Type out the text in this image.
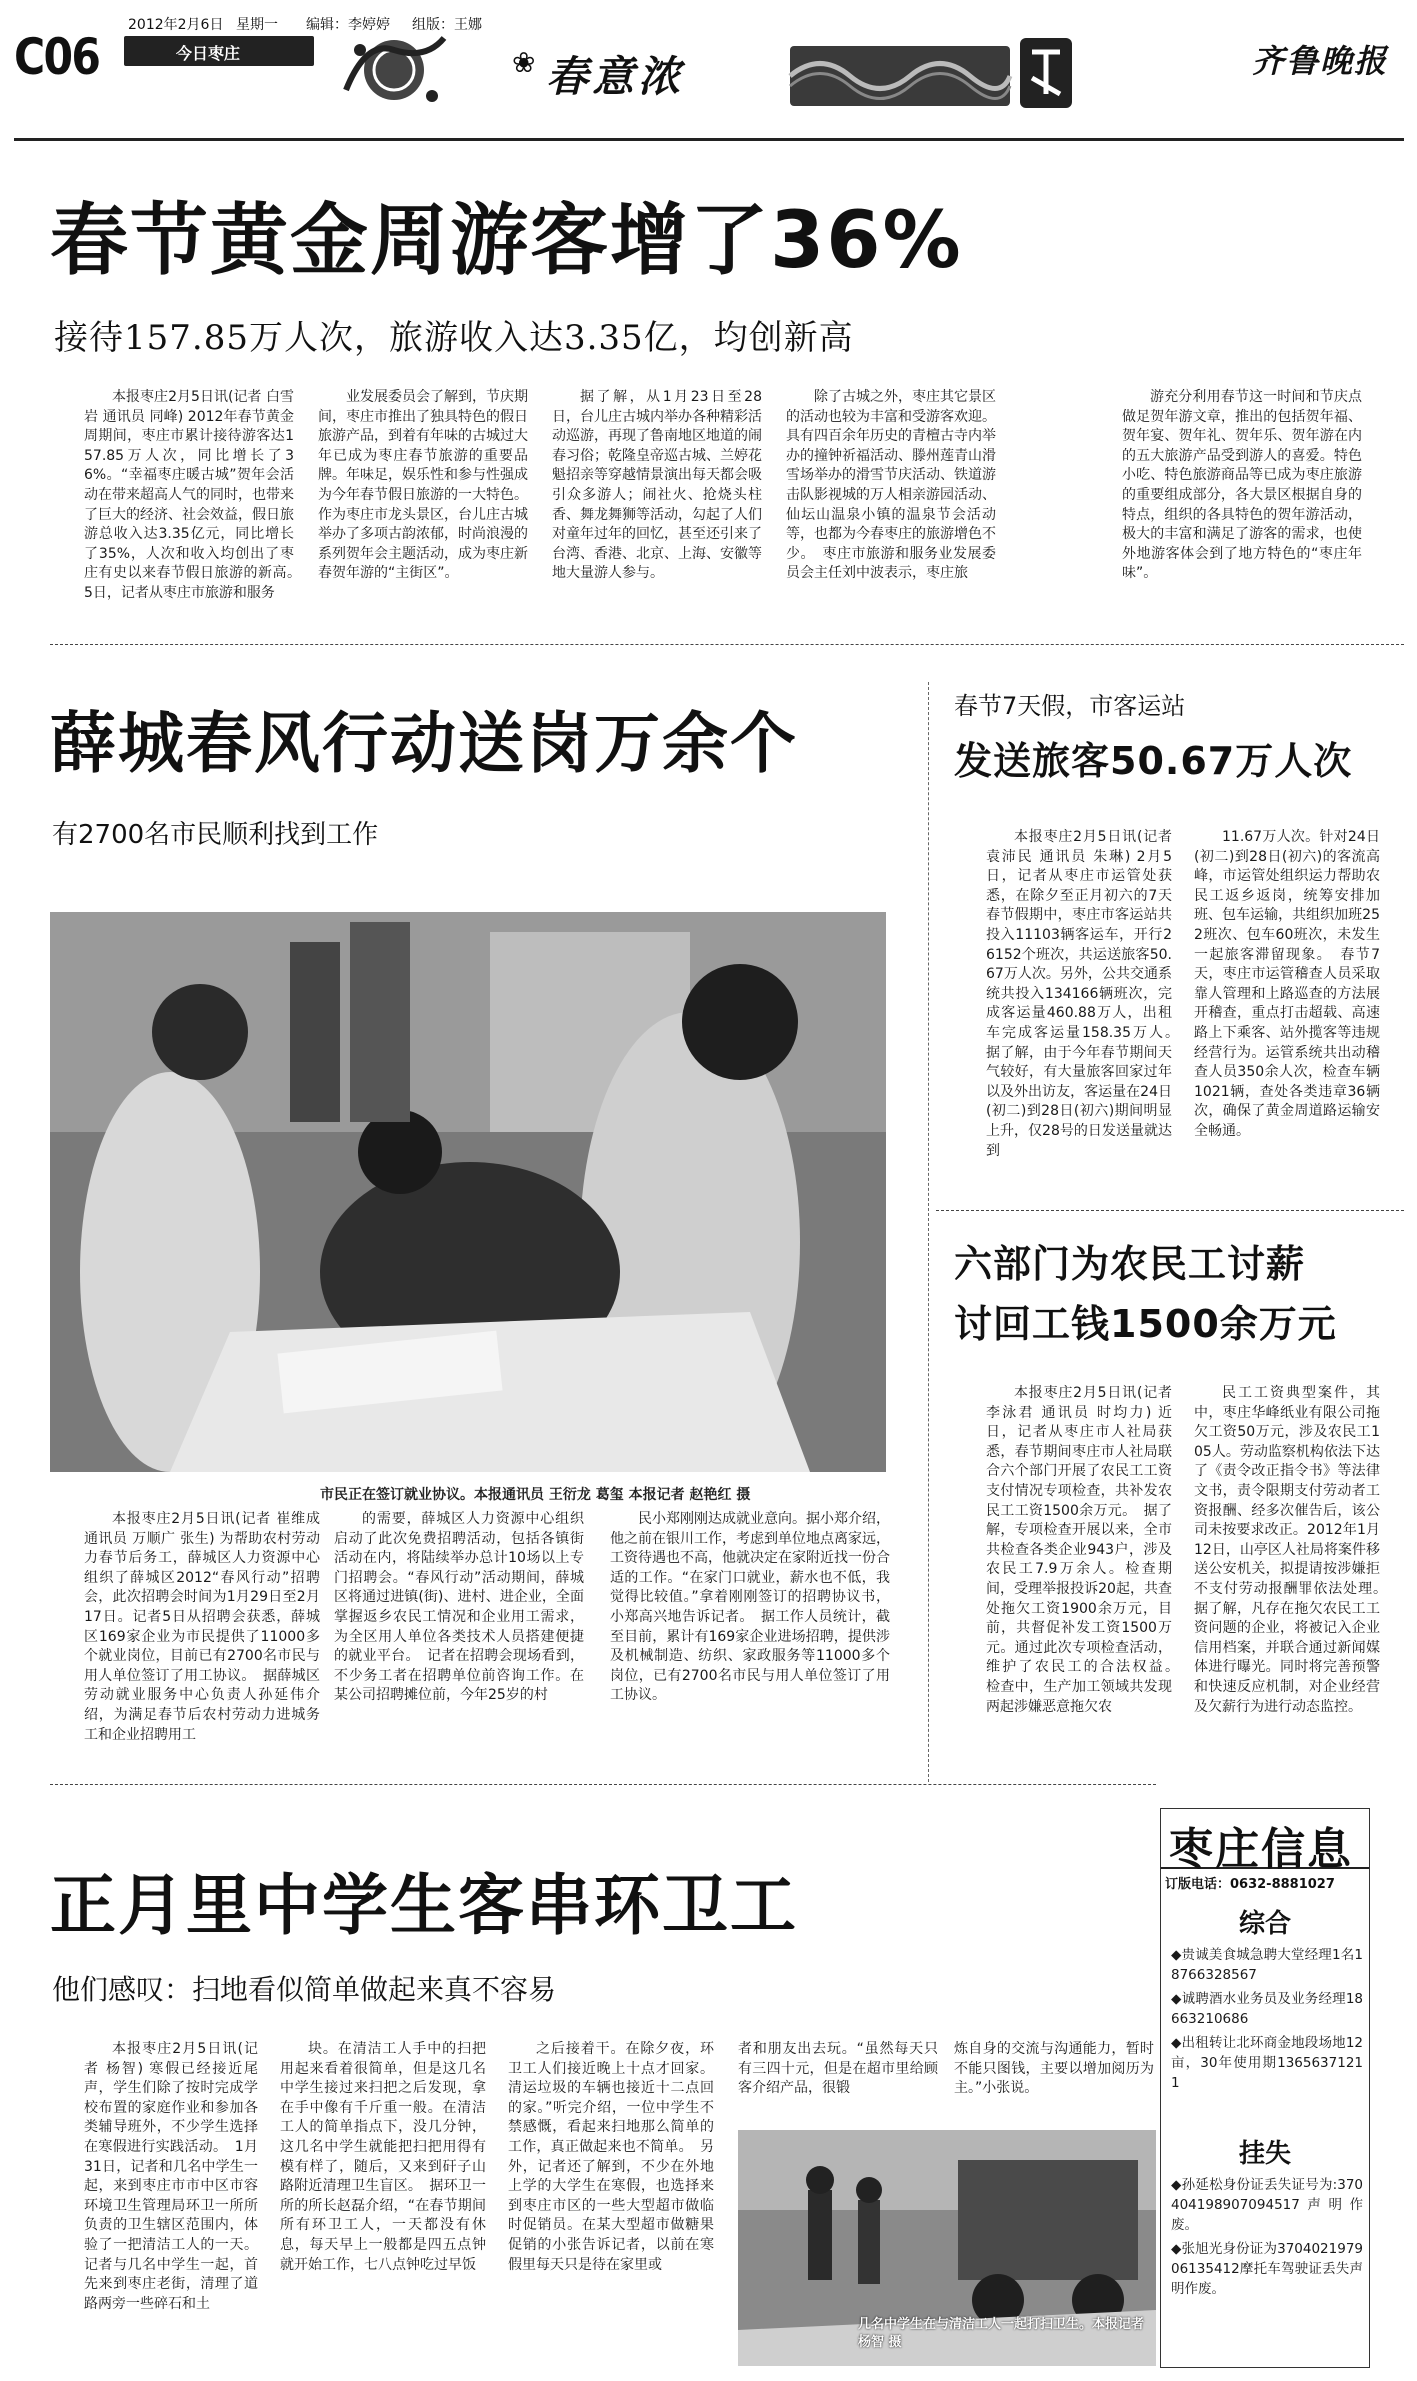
C06
2012年2月6日 星期一 编辑：李婷婷 组版：王娜
今日枣庄	❀ 春意浓	齐鲁晚报
春节黄金周游客增了36%
接待157.85万人次，旅游收入达3.35亿，均创新高

本报枣庄2月5日讯(记者 白雪岩 通讯员 同峰) 2012年春节黄金周期间，枣庄市累计接待游客达157.85万人次，同比增长了36%。“幸福枣庄暖古城”贺年会活动在带来超高人气的同时，也带来了巨大的经济、社会效益，假日旅游总收入达3.35亿元，同比增长了35%，人次和收入均创出了枣庄有史以来春节假日旅游的新高。　5日，记者从枣庄市旅游和服务

业发展委员会了解到，节庆期间，枣庄市推出了独具特色的假日旅游产品，到着有年味的古城过大年已成为枣庄春节旅游的重要品牌。年味足，娱乐性和参与性强成为今年春节假日旅游的一大特色。作为枣庄市龙头景区，台儿庄古城举办了多项古韵浓郁，时尚浪漫的系列贺年会主题活动，成为枣庄新春贺年游的“主街区”。

据了解，从1月23日至28日，台儿庄古城内举办各种精彩活动巡游，再现了鲁南地区地道的闹春习俗；乾隆皇帝巡古城、兰婷花魁招亲等穿越情景演出每天都会吸引众多游人；闹社火、抢烧头柱香、舞龙舞狮等活动，勾起了人们对童年过年的回忆，甚至还引来了台湾、香港、北京、上海、安徽等地大量游人参与。

除了古城之外，枣庄其它景区的活动也较为丰富和受游客欢迎。具有四百余年历史的青檀古寺内举办的撞钟祈福活动、滕州莲青山滑雪场举办的滑雪节庆活动、铁道游击队影视城的万人相亲游园活动、仙坛山温泉小镇的温泉节会活动等，也都为今春枣庄的旅游增色不少。　枣庄市旅游和服务业发展委员会主任刘中波表示，枣庄旅

游充分利用春节这一时间和节庆点做足贺年游文章，推出的包括贺年福、贺年宴、贺年礼、贺年乐、贺年游在内的五大旅游产品受到游人的喜爱。特色小吃、特色旅游商品等已成为枣庄旅游的重要组成部分，各大景区根据自身的特点，组织的各具特色的贺年游活动，极大的丰富和满足了游客的需求，也使外地游客体会到了地方特色的“枣庄年味”。

薛城春风行动送岗万余个
有2700名市民顺利找到工作
市民正在签订就业协议。本报通讯员 王衍龙 葛玺 本报记者 赵艳红 摄

本报枣庄2月5日讯(记者 崔维成 通讯员 万顺广 张生) 为帮助农村劳动力春节后务工，薛城区人力资源中心组织了薛城区2012“春风行动”招聘会，此次招聘会时间为1月29日至2月17日。记者5日从招聘会获悉，薛城区169家企业为市民提供了11000多个就业岗位，目前已有2700名市民与用人单位签订了用工协议。　据薛城区劳动就业服务中心负责人孙延伟介绍，为满足春节后农村劳动力进城务工和企业招聘用工

的需要，薛城区人力资源中心组织启动了此次免费招聘活动，包括各镇街活动在内，将陆续举办总计10场以上专门招聘会。“春风行动”活动期间，薛城区将通过进镇(街)、进村、进企业，全面掌握返乡农民工情况和企业用工需求，为全区用人单位各类技术人员搭建便捷的就业平台。　记者在招聘会现场看到，不少务工者在招聘单位前咨询工作。在某公司招聘摊位前，今年25岁的村

民小郑刚刚达成就业意向。据小郑介绍，他之前在银川工作，考虑到单位地点离家远，工资待遇也不高，他就决定在家附近找一份合适的工作。“在家门口就业，薪水也不低，我觉得比较值。”拿着刚刚签订的招聘协议书，小郑高兴地告诉记者。　据工作人员统计，截至目前，累计有169家企业进场招聘，提供涉及机械制造、纺织、家政服务等11000多个岗位，已有2700名市民与用人单位签订了用工协议。

春节7天假，市客运站
发送旅客50.67万人次

本报枣庄2月5日讯(记者 袁沛民 通讯员 朱琳) 2月5日，记者从枣庄市运管处获悉，在除夕至正月初六的7天春节假期中，枣庄市客运站共投入11103辆客运车，开行26152个班次，共运送旅客50.67万人次。另外，公共交通系统共投入134166辆班次，完成客运量460.88万人，出租车完成客运量158.35万人。　据了解，由于今年春节期间天气较好，有大量旅客回家过年以及外出访友，客运量在24日(初二)到28日(初六)期间明显上升，仅28号的日发送量就达到

11.67万人次。针对24日(初二)到28日(初六)的客流高峰，市运管处组织运力帮助农民工返乡返岗，统筹安排加班、包车运输，共组织加班252班次、包车60班次，未发生一起旅客滞留现象。　春节7天，枣庄市运管稽查人员采取靠人管理和上路巡查的方法展开稽查，重点打击超载、高速路上下乘客、站外揽客等违规经营行为。运管系统共出动稽查人员350余人次，检查车辆1021辆，查处各类违章36辆次，确保了黄金周道路运输安全畅通。

六部门为农民工讨薪
讨回工钱1500余万元

本报枣庄2月5日讯(记者 李泳君 通讯员 时均力) 近日，记者从枣庄市人社局获悉，春节期间枣庄市人社局联合六个部门开展了农民工工资支付情况专项检查，共补发农民工工资1500余万元。　据了解，专项检查开展以来，全市共检查各类企业943户，涉及农民工7.9万余人。检查期间，受理举报投诉20起，共查处拖欠工资1900余万元，目前，共督促补发工资1500万元。通过此次专项检查活动，维护了农民工的合法权益。　检查中，生产加工领域共发现两起涉嫌恶意拖欠农

民工工资典型案件，其中，枣庄华峰纸业有限公司拖欠工资50万元，涉及农民工105人。劳动监察机构依法下达了《责令改正指令书》等法律文书，责令限期支付劳动者工资报酬、经多次催告后，该公司未按要求改正。2012年1月12日，山亭区人社局将案件移送公安机关，拟提请按涉嫌拒不支付劳动报酬罪依法处理。　据了解，凡存在拖欠农民工工资问题的企业，将被记入企业信用档案，并联合通过新闻媒体进行曝光。同时将完善预警和快速反应机制，对企业经营及欠薪行为进行动态监控。

正月里中学生客串环卫工
他们感叹：扫地看似简单做起来真不容易

本报枣庄2月5日讯(记者 杨智) 寒假已经接近尾声，学生们除了按时完成学校布置的家庭作业和参加各类辅导班外，不少学生选择在寒假进行实践活动。　1月31日，记者和几名中学生一起，来到枣庄市市中区市容环境卫生管理局环卫一所所负责的卫生辖区范围内，体验了一把清洁工人的一天。记者与几名中学生一起，首先来到枣庄老街，清理了道路两旁一些碎石和土

块。在清洁工人手中的扫把用起来看着很简单，但是这几名中学生接过来扫把之后发现，拿在手中像有千斤重一般。在清洁工人的简单指点下，没几分钟，这几名中学生就能把扫把用得有模有样了，随后，又来到矸子山路附近清理卫生盲区。　据环卫一所的所长赵磊介绍，“在春节期间所有环卫工人，一天都没有休息，每天早上一般都是四五点钟就开始工作，七八点钟吃过早饭

之后接着干。在除夕夜，环卫工人们接近晚上十点才回家。清运垃圾的车辆也接近十二点回的家。”听完介绍，一位中学生不禁感慨，看起来扫地那么简单的工作，真正做起来也不简单。　另外，记者还了解到，不少在外地上学的大学生在寒假，也选择来到枣庄市区的一些大型超市做临时促销员。在某大型超市做糖果促销的小张告诉记者，以前在寒假里每天只是待在家里或

者和朋友出去玩。“虽然每天只有三四十元，但是在超市里给顾客介绍产品，很锻

炼自身的交流与沟通能力，暂时不能只图钱，主要以增加阅历为主。”小张说。

几名中学生在与清洁工人一起打扫卫生。本报记者 杨智 摄
枣庄信息
订版电话：0632-8881027
综合
◆贵诚美食城急聘大堂经理1名18766328567
◆诚聘酒水业务员及业务经理18663210686
◆出租转让北环商金地段场地12亩，30年使用期13656371211
挂失
◆孙延松身份证丢失证号为:370404198907094517声明作废。
◆张旭光身份证为370402197906135412摩托车驾驶证丢失声明作废。
